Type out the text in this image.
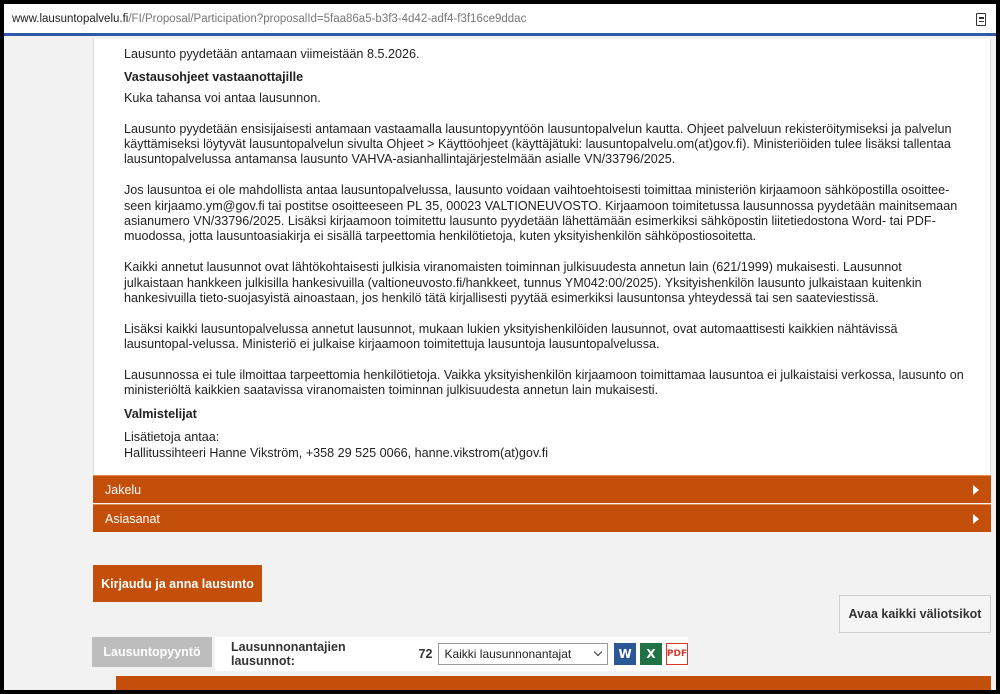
www.lausuntopalvelu.fi /FI/Proposal/Participation?proposalId=5faa86a5-b3f3-4d42-adf4-f3f16ce9ddac

Lausunto pyydetään antamaan viimeistään 8.5.2026.

Vastausohjeet vastaanottajille

Kuka tahansa voi antaa lausunnon.

Lausunto pyydetään ensisijaisesti antamaan vastaamalla lausuntopyyntöön lausuntopalvelun kautta. Ohjeet palveluun rekisteröitymiseksi ja palvelun käyttämiseksi löytyvät lausuntopalvelun sivulta Ohjeet > Käyttöohjeet (käyttäjätuki: lausuntopalvelu.om(at)gov.fi). Ministeriöiden tulee lisäksi tallentaa lausuntopalvelussa antamansa lausunto VAHVA-asianhallintajärjestelmään asialle VN/33796/2025.

Jos lausuntoa ei ole mahdollista antaa lausuntopalvelussa, lausunto voidaan vaihtoehtoisesti toimittaa ministeriön kirjaamoon sähköpostilla osoittee-seen kirjaamo.ym@gov.fi tai postitse osoitteeseen PL 35, 00023 VALTIONEUVOSTO. Kirjaamoon toimitetussa lausunnossa pyydetään mainitsemaan asianumero VN/33796/2025. Lisäksi kirjaamoon toimitettu lausunto pyydetään lähettämään esimerkiksi sähköpostin liitetiedostona Word- tai PDF-muodossa, jotta lausuntoasiakirja ei sisällä tarpeettomia henkilötietoja, kuten yksityishenkilön sähköpostiosoitetta.

Kaikki annetut lausunnot ovat lähtökohtaisesti julkisia viranomaisten toiminnan julkisuudesta annetun lain (621/1999) mukaisesti. Lausunnot julkaistaan hankkeen julkisilla hankesivuilla (valtioneuvosto.fi/hankkeet, tunnus YM042:00/2025). Yksityishenkilön lausunto julkaistaan kuitenkin hankesivuilla tieto-suojasyistä ainoastaan, jos henkilö tätä kirjallisesti pyytää esimerkiksi lausuntonsa yhteydessä tai sen saateviestissä.

Lisäksi kaikki lausuntopalvelussa annetut lausunnot, mukaan lukien yksityishenkilöiden lausunnot, ovat automaattisesti kaikkien nähtävissä lausuntopal-velussa. Ministeriö ei julkaise kirjaamoon toimitettuja lausuntoja lausuntopalvelussa.

Lausunnossa ei tule ilmoittaa tarpeettomia henkilötietoja. Vaikka yksityishenkilön kirjaamoon toimittamaa lausuntoa ei julkaistaisi verkossa, lausunto on ministeriöltä kaikkien saatavissa viranomaisten toiminnan julkisuudesta annetun lain mukaisesti.

Valmistelijat

Lisätietoja antaa:

Hallitussihteeri Hanne Vikström, +358 29 525 0066, hanne.vikstrom(at)gov.fi

Jakelu
Asiasanat
Kirjaudu ja anna lausunto
Avaa kaikki väliotsikot
Lausuntopyyntö	Lausunnonantajien lausunnot:	72 Kaikki lausunnonantajat	W	X	PDF
